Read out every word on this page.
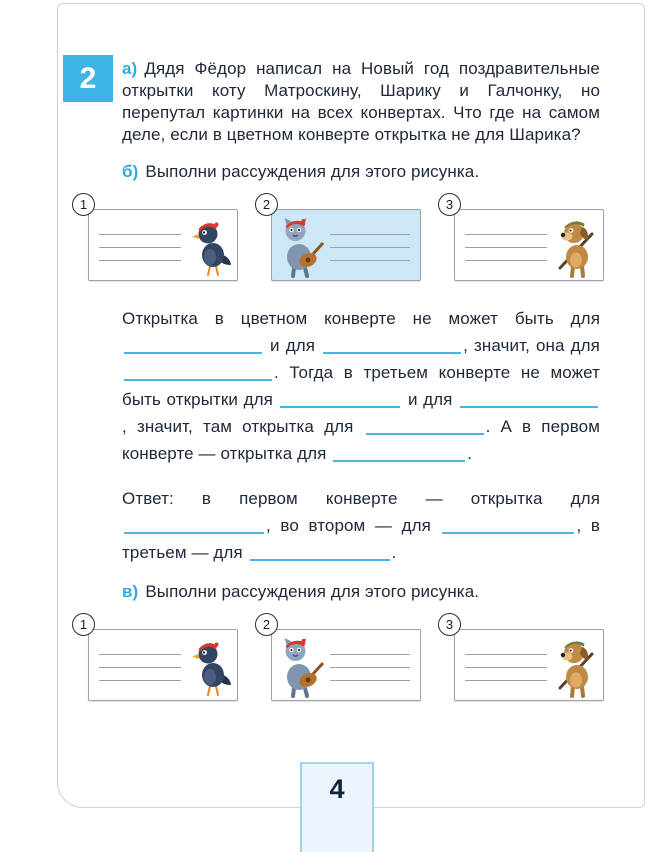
2	а) Дядя Фёдор написал на Новый год поздравительные открытки коту Матроскину, Шарику и Галчонку, но перепутал картинки на всех конвертах. Что где на самом деле, если в цветном конверте открытка не для Шарика?

б) Выполни рассуждения для этого рисунка.

1	2	3

Открытка в цветном конверте не может быть для  и для	, значит, она для . Тогда в третьем конверте не может быть открытки для	и для , значит, там открытка для	. А в первом конверте — открытка для	.

Ответ: в первом конверте — открытка для , во втором — для	, в третьем — для	.

в) Выполни рассуждения для этого рисунка.

1	2	3
4
